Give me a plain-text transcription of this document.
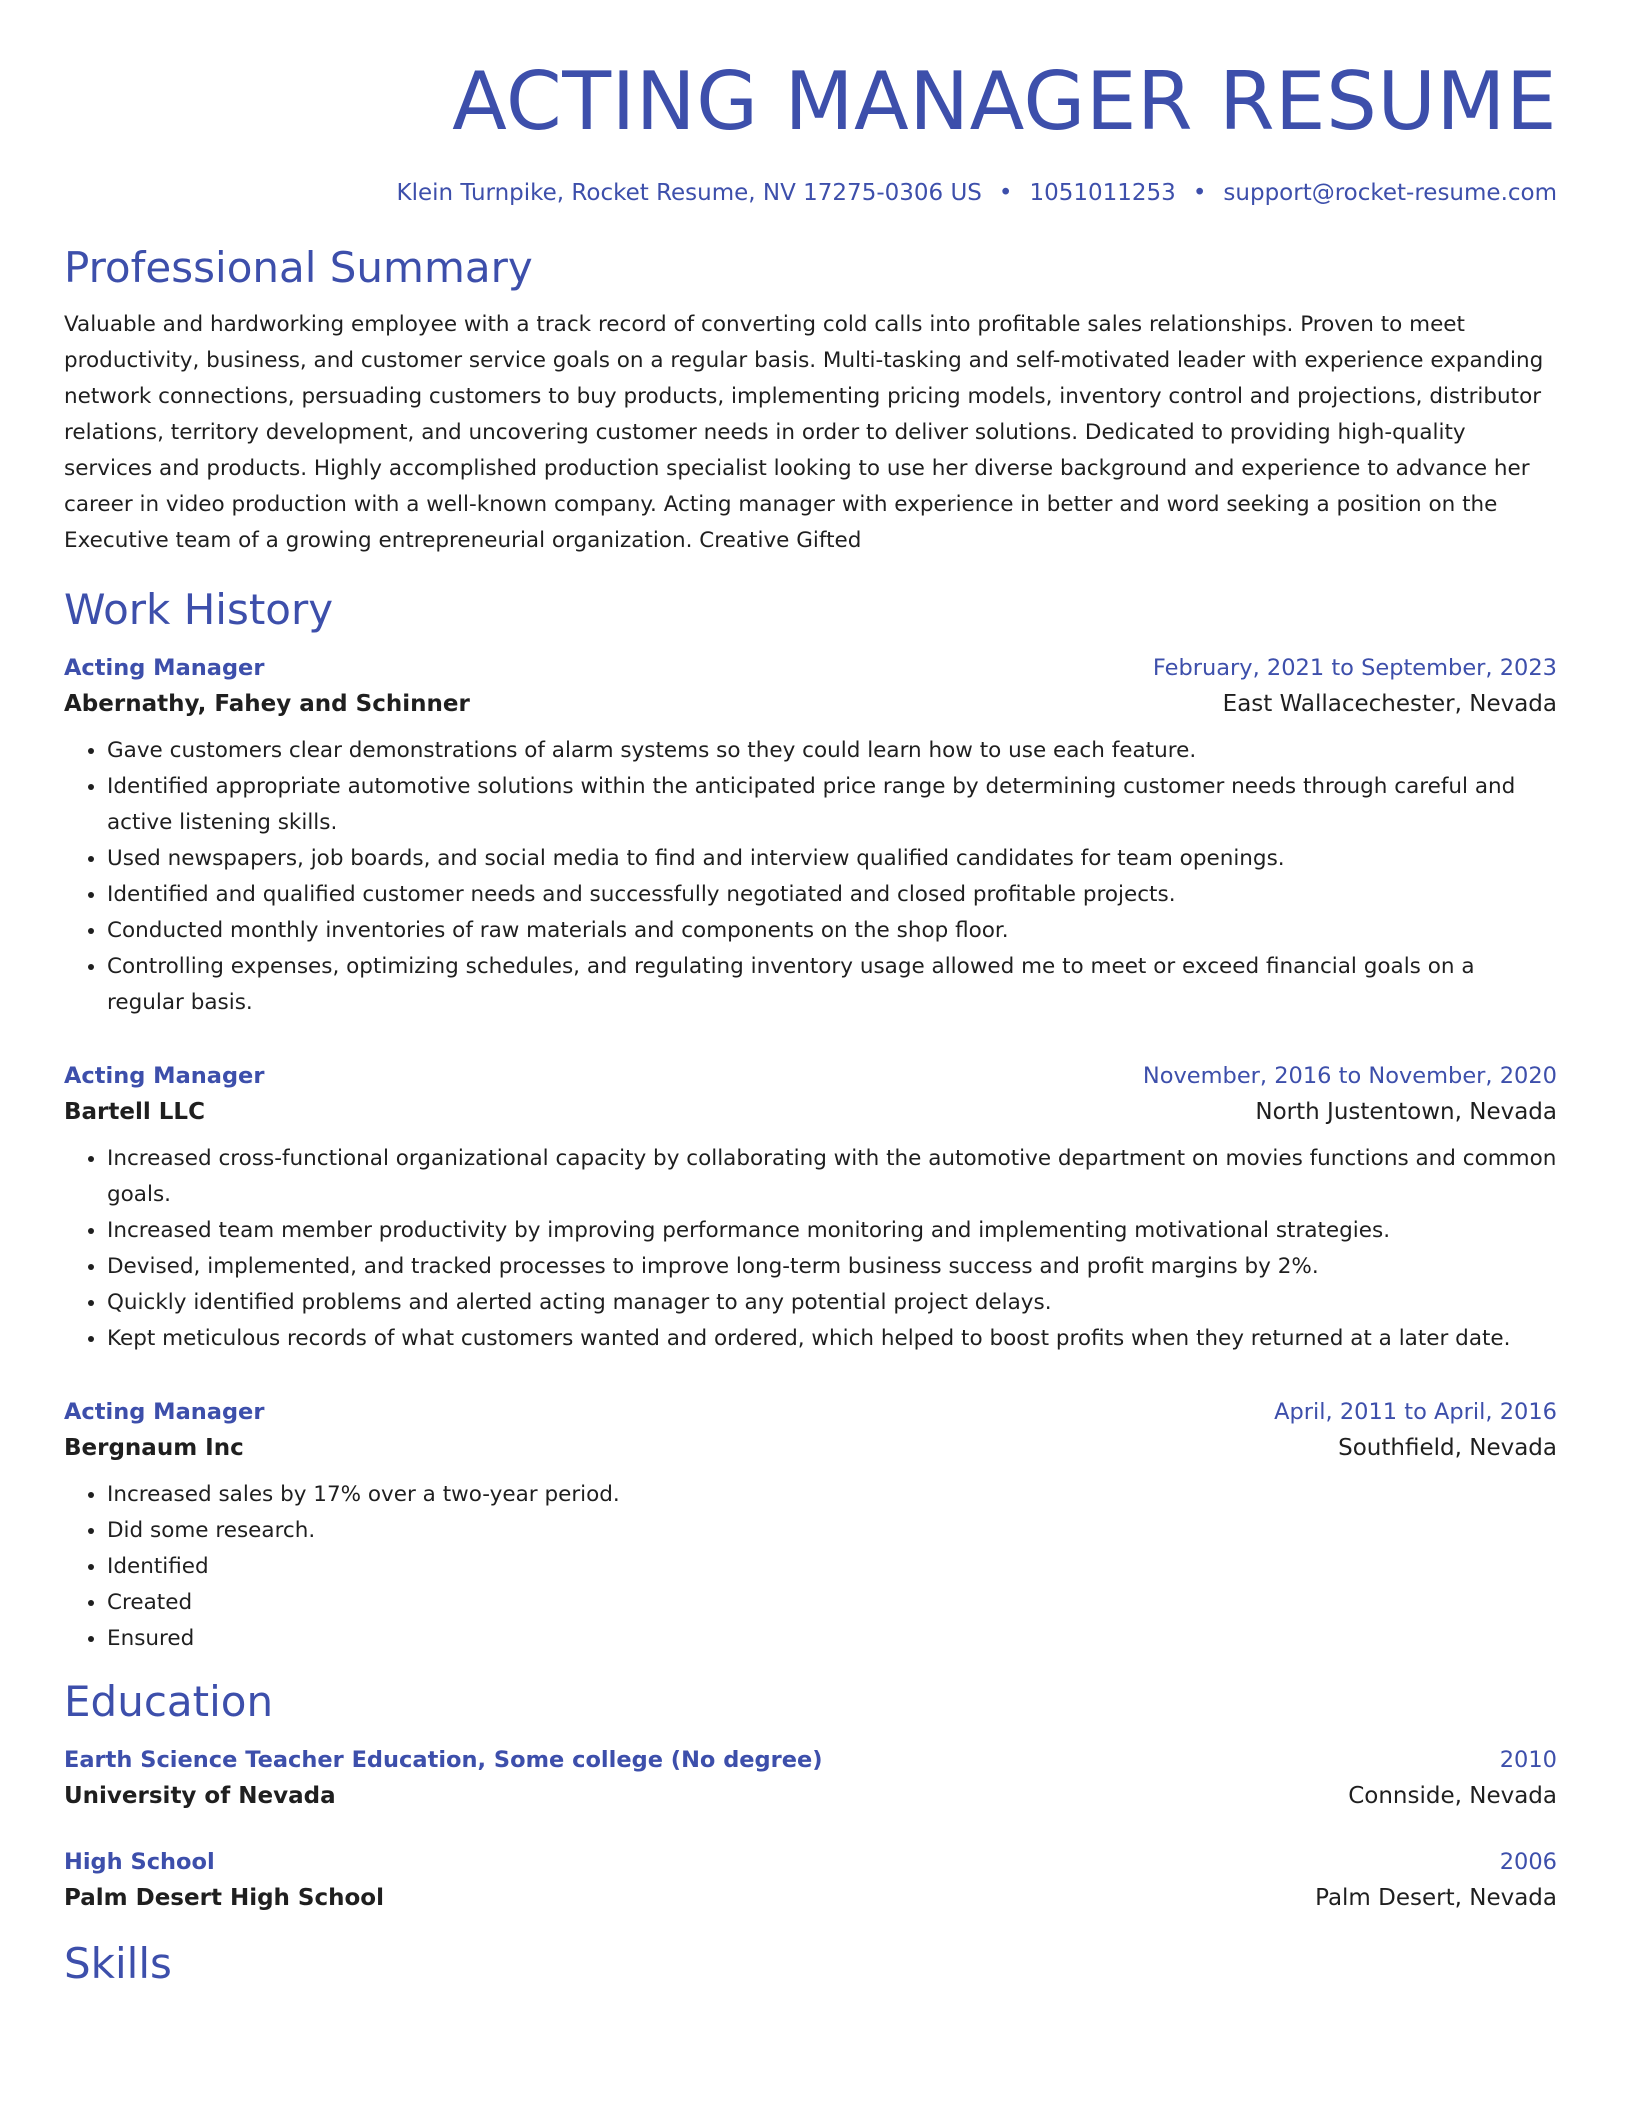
ACTING MANAGER RESUME
Klein Turnpike, Rocket Resume, NV 17275-0306 US • 1051011253 • support@rocket-resume.com
Professional Summary

Valuable and hardworking employee with a track record of converting cold calls into profitable sales relationships. Proven to meet productivity, business, and customer service goals on a regular basis. Multi-tasking and self-motivated leader with experience expanding network connections, persuading customers to buy products, implementing pricing models, inventory control and projections, distributor relations, territory development, and uncovering customer needs in order to deliver solutions. Dedicated to providing high-quality services and products. Highly accomplished production specialist looking to use her diverse background and experience to advance her career in video production with a well-known company. Acting manager with experience in better and word seeking a position on the Executive team of a growing entrepreneurial organization. Creative Gifted

Work History
Acting Manager	February, 2021 to September, 2023
Abernathy, Fahey and Schinner	East Wallacechester, Nevada
• Gave customers clear demonstrations of alarm systems so they could learn how to use each feature.
• Identified appropriate automotive solutions within the anticipated price range by determining customer needs through careful and active listening skills.
• Used newspapers, job boards, and social media to find and interview qualified candidates for team openings.
• Identified and qualified customer needs and successfully negotiated and closed profitable projects.
• Conducted monthly inventories of raw materials and components on the shop floor.
• Controlling expenses, optimizing schedules, and regulating inventory usage allowed me to meet or exceed financial goals on a regular basis.
Acting Manager	November, 2016 to November, 2020
Bartell LLC	North Justentown, Nevada
• Increased cross-functional organizational capacity by collaborating with the automotive department on movies functions and common goals.
• Increased team member productivity by improving performance monitoring and implementing motivational strategies.
• Devised, implemented, and tracked processes to improve long-term business success and profit margins by 2%.
• Quickly identified problems and alerted acting manager to any potential project delays.
• Kept meticulous records of what customers wanted and ordered, which helped to boost profits when they returned at a later date.
Acting Manager	April, 2011 to April, 2016
Bergnaum Inc	Southfield, Nevada
• Increased sales by 17% over a two-year period.
• Did some research.
• Identified
• Created
• Ensured
Education
Earth Science Teacher Education, Some college (No degree)	2010
University of Nevada	Connside, Nevada
High School	2006
Palm Desert High School	Palm Desert, Nevada
Skills
